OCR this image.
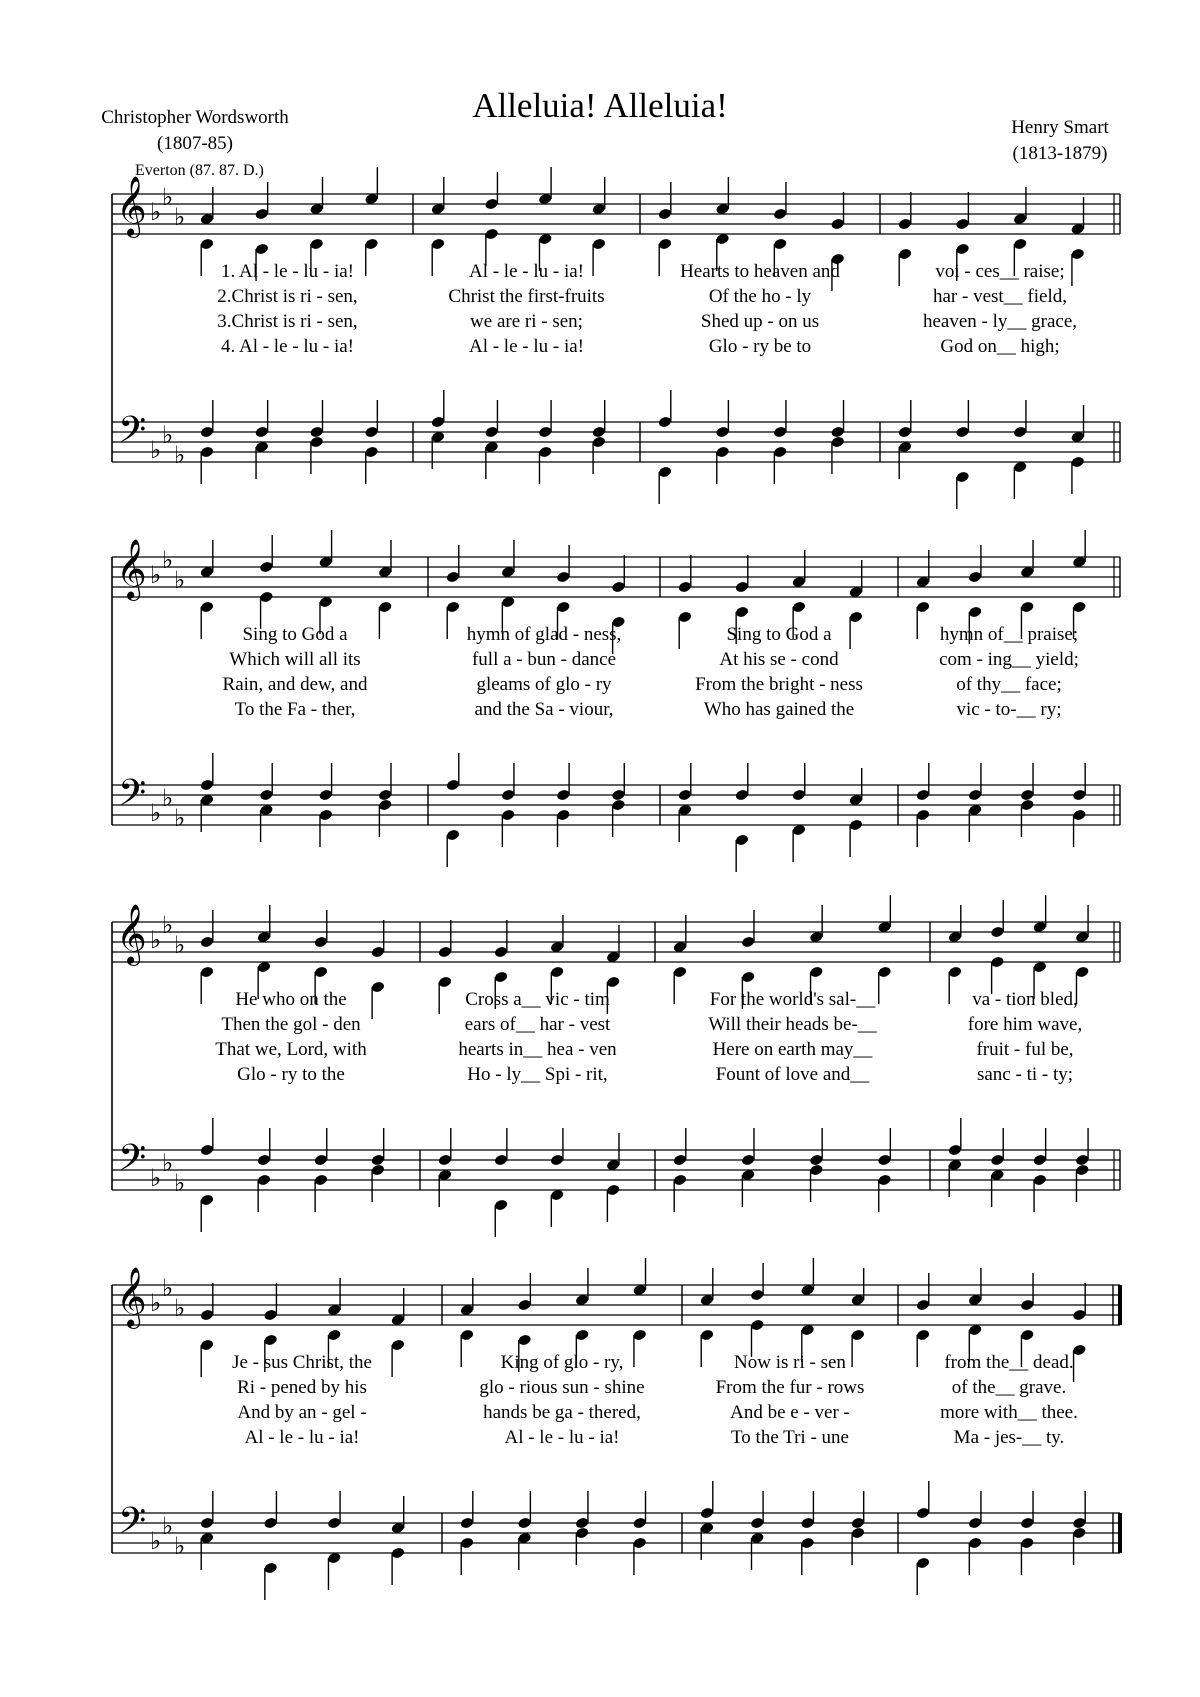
Alleluia! Alleluia!
Christopher Wordsworth
(1807-85)
Henry Smart
(1813-1879)
Everton (87. 87. D.)
𝄞
𝄢
♭
♭
♭
♭
♭
♭
1. Al - le - lu - ia!	Al - le - lu - ia!	Hearts to heaven and	voi - ces__ raise;
2.Christ is ri - sen,	Christ the first-fruits	Of the ho - ly	har - vest__ field,
3.Christ is ri - sen,	we are ri - sen;	Shed up - on us	heaven - ly__ grace,
4. Al - le - lu - ia!	Al - le - lu - ia!	Glo - ry be to	God on__ high;
𝄞
𝄢
♭
♭
♭
♭
♭
♭
Sing to God a	hymn of glad - ness,	Sing to God a	hymn of__ praise;
Which will all its	full a - bun - dance	At his se - cond	com - ing__ yield;
Rain, and dew, and	gleams of glo - ry	From the bright - ness	of thy__ face;
To the Fa - ther,	and the Sa - viour,	Who has gained the	vic - to-__ ry;
𝄞
𝄢
♭
♭
♭
♭
♭
♭
He who on the	Cross a__ vic - tim	For the world's sal-__	va - tion bled,
Then the gol - den	ears of__ har - vest	Will their heads be-__	fore him wave,
That we, Lord, with	hearts in__ hea - ven	Here on earth may__	fruit - ful be,
Glo - ry to the	Ho - ly__ Spi - rit,	Fount of love and__	sanc - ti - ty;
𝄞
𝄢
♭
♭
♭
♭
♭
♭
Je - sus Christ, the	King of glo - ry,	Now is ri - sen	from the__ dead.
Ri - pened by his	glo - rious sun - shine	From the fur - rows	of the__ grave.
And by an - gel -	hands be ga - thered,	And be e - ver -	more with__ thee.
Al - le - lu - ia!	Al - le - lu - ia!	To the Tri - une	Ma - jes-__ ty.
